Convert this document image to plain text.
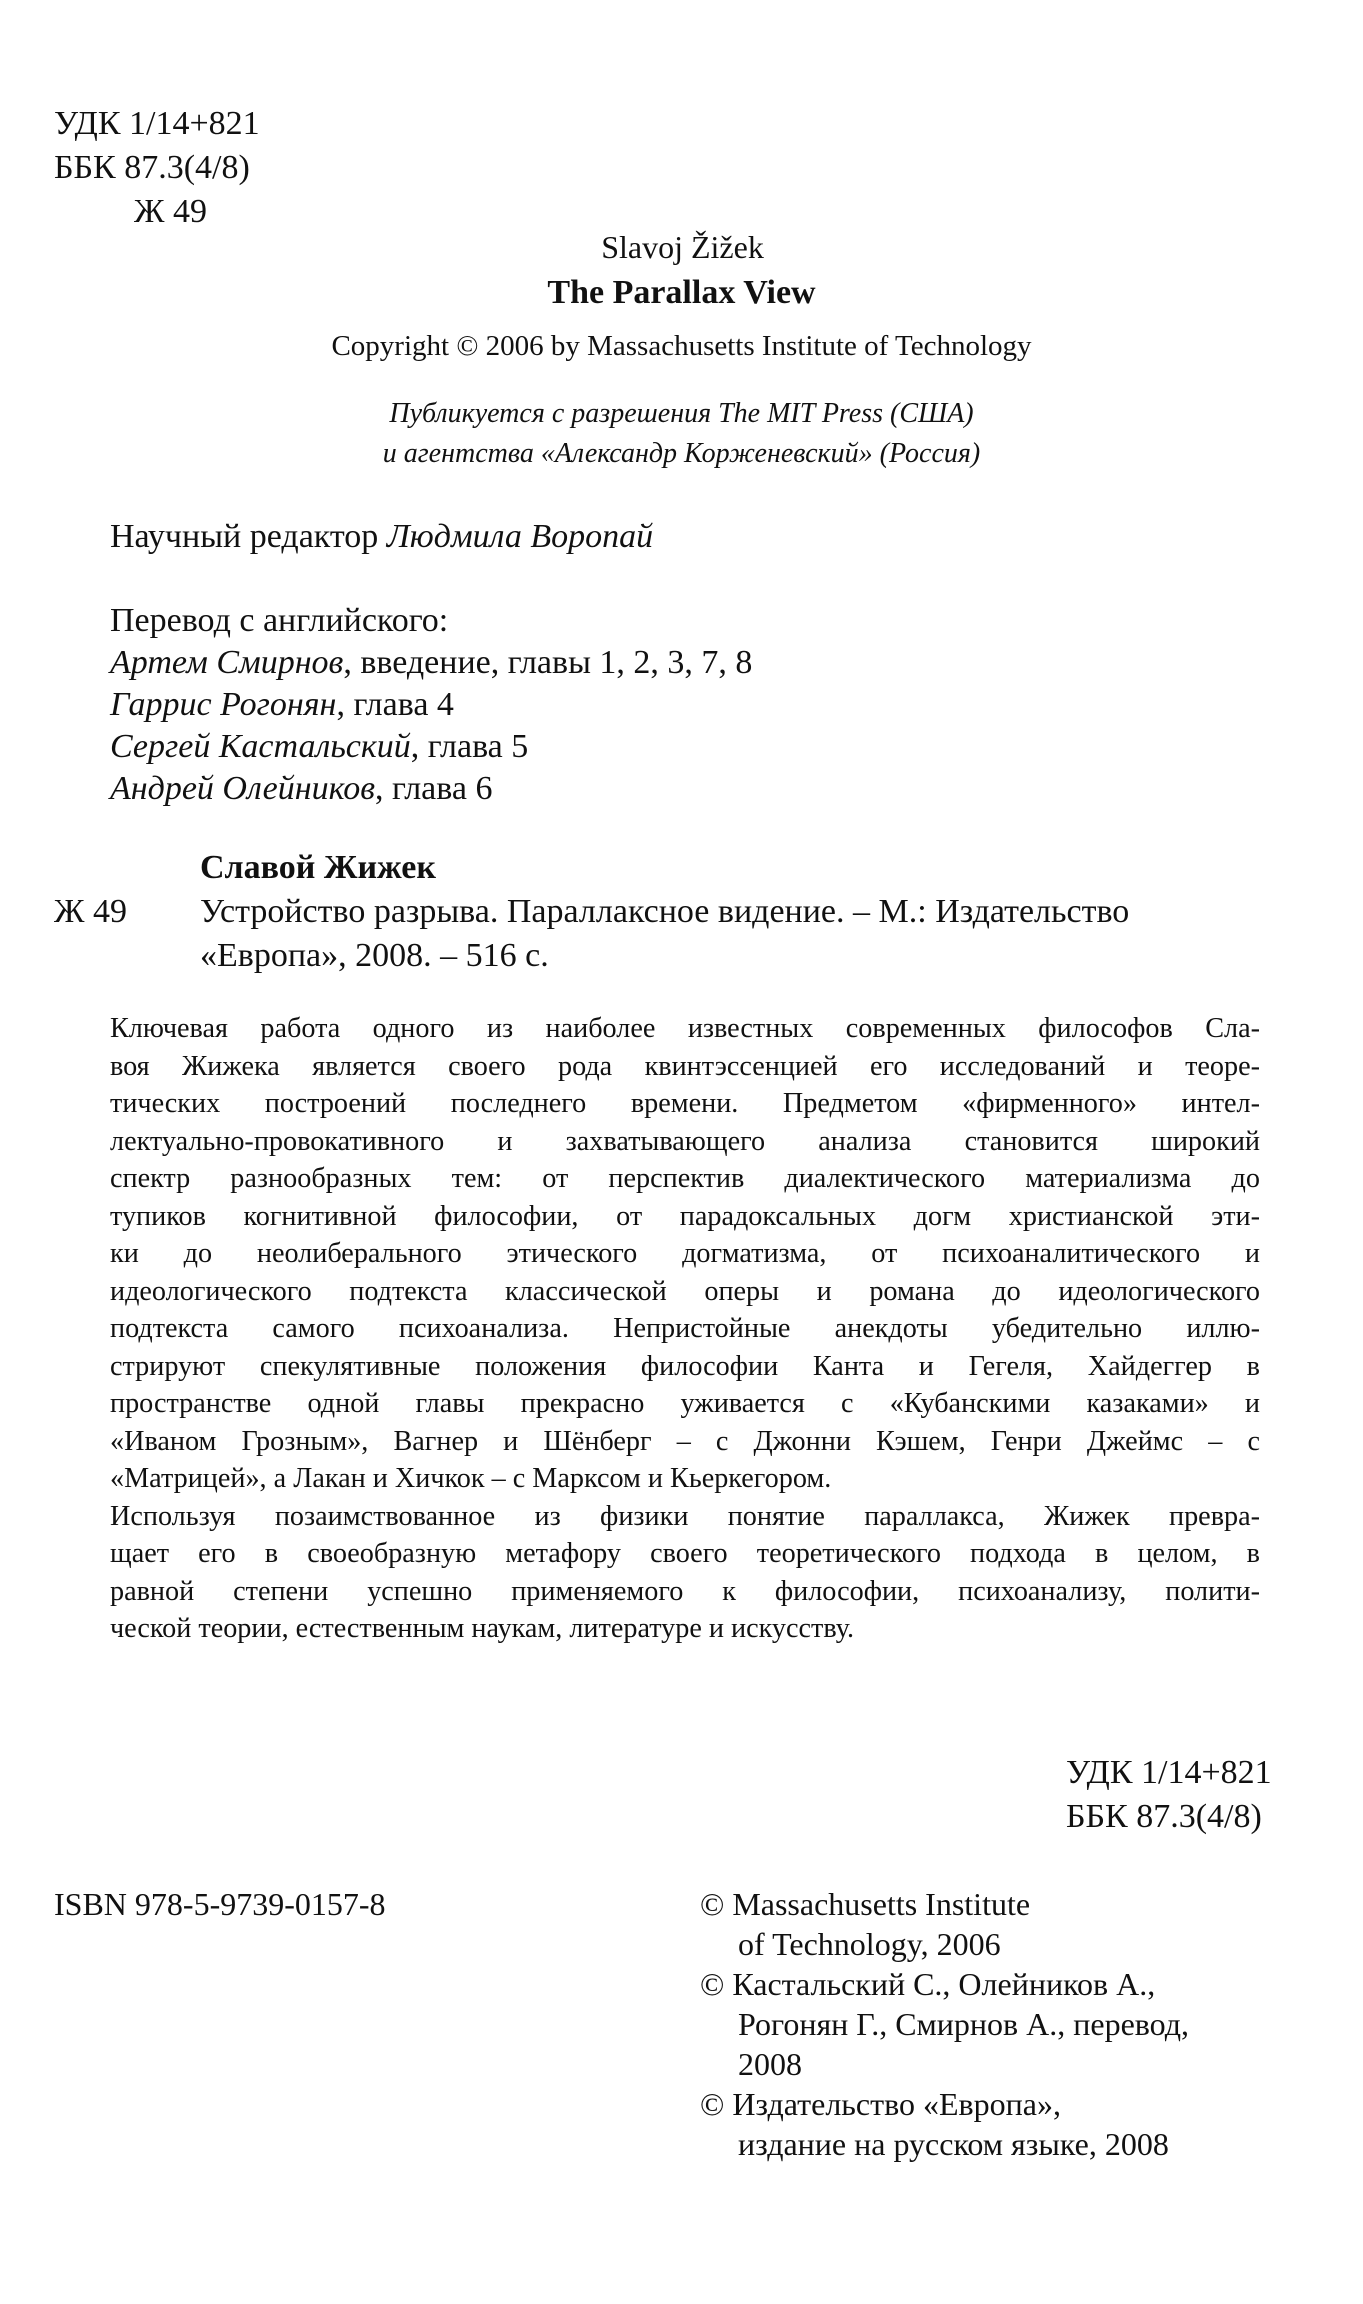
УДК 1/14+821
ББК 87.3(4/8)
Ж 49
Slavoj Žižek
The Parallax View
Copyright © 2006 by Massachusetts Institute of Technology
Публикуется с разрешения The MIT Press (США)
и агентства «Александр Корженевский» (Россия)
Научный редактор Людмила Воропай
Перевод с английского:
Артем Смирнов, введение, главы 1, 2, 3, 7, 8
Гаррис Рогонян, глава 4
Сергей Кастальский, глава 5
Андрей Олейников, глава 6
Славой Жижек
Ж 49 Устройство разрыва. Параллаксное видение. – М.: Издательство
«Европа», 2008. – 516 с.
Ключевая работа одного из наиболее известных современных философов Сла-
воя Жижека является своего рода квинтэссенцией его исследований и теоре-
тических построений последнего времени. Предметом «фирменного» интел-
лектуально-провокативного и захватывающего анализа становится широкий
спектр разнообразных тем: от перспектив диалектического материализма до
тупиков когнитивной философии, от парадоксальных догм христианской эти-
ки до неолиберального этического догматизма, от психоаналитического и
идеологического подтекста классической оперы и романа до идеологического
подтекста самого психоанализа. Непристойные анекдоты убедительно иллю-
стрируют спекулятивные положения философии Канта и Гегеля, Хайдеггер в
пространстве одной главы прекрасно уживается с «Кубанскими казаками» и
«Иваном Грозным», Вагнер и Шёнберг – с Джонни Кэшем, Генри Джеймс – с
«Матрицей», а Лакан и Хичкок – с Марксом и Кьеркегором.
Используя позаимствованное из физики понятие параллакса, Жижек превра-
щает его в своеобразную метафору своего теоретического подхода в целом, в
равной степени успешно применяемого к философии, психоанализу, полити-
ческой теории, естественным наукам, литературе и искусству.
УДК 1/14+821
ББК 87.3(4/8)
ISBN 978-5-9739-0157-8	© Massachusetts Institute
of Technology, 2006
© Кастальский С., Олейников А.,
Рогонян Г., Смирнов А., перевод,
2008
© Издательство «Европа»,
издание на русском языке, 2008
